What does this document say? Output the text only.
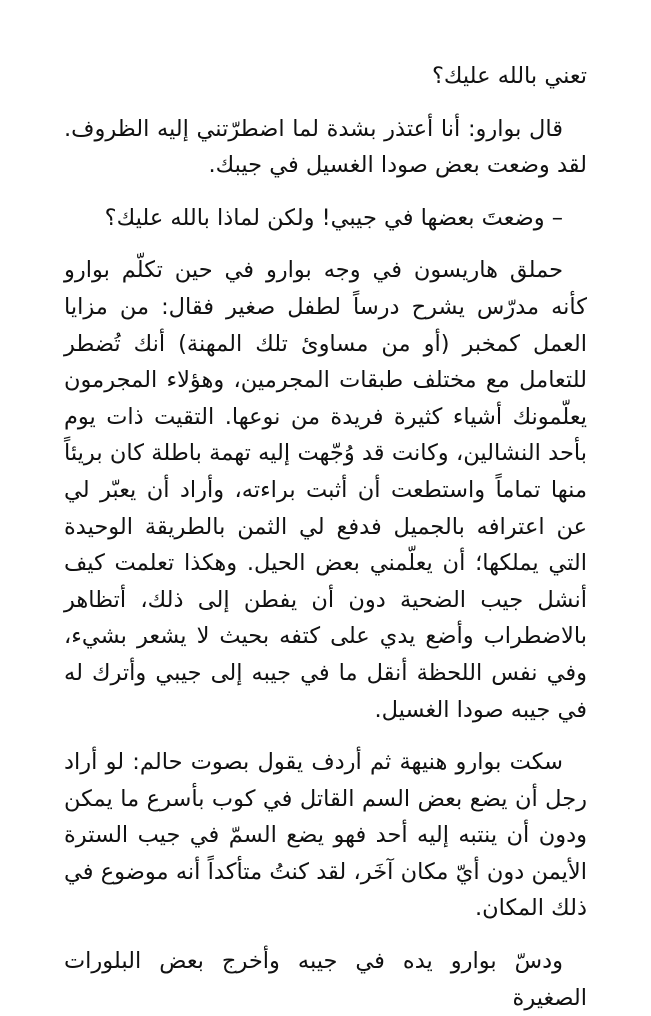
تعني بالله عليك؟

قال بوارو: أنا أعتذر بشدة لما اضطرّتني إليه الظروف. لقد وضعت بعض صودا الغسيل في جيبك.

– وضعتَ بعضها في جيبي! ولكن لماذا بالله عليك؟

حملق هاريسون في وجه بوارو في حين تكلّم بوارو كأنه مدرّس يشرح درساً لطفل صغير فقال: من مزايا العمل كمخبر (أو من مساوئ تلك المهنة) أنك تُضطر للتعامل مع مختلف طبقات المجرمين، وهؤلاء المجرمون يعلّمونك أشياء كثيرة فريدة من نوعها. التقيت ذات يوم بأحد النشالين، وكانت قد وُجّهت إليه تهمة باطلة كان بريئاً منها تماماً واستطعت أن أثبت براءته، وأراد أن يعبّر لي عن اعترافه بالجميل فدفع لي الثمن بالطريقة الوحيدة التي يملكها؛ أن يعلّمني بعض الحيل. وهكذا تعلمت كيف أنشل جيب الضحية دون أن يفطن إلى ذلك، أتظاهر بالاضطراب وأضع يدي على كتفه بحيث لا يشعر بشيء، وفي نفس اللحظة أنقل ما في جيبه إلى جيبي وأترك له في جيبه صودا الغسيل.

سكت بوارو هنيهة ثم أردف يقول بصوت حالم: لو أراد رجل أن يضع بعض السم القاتل في كوب بأسرع ما يمكن ودون أن ينتبه إليه أحد فهو يضع السمّ في جيب السترة الأيمن دون أيّ مكان آخَر، لقد كنتُ متأكداً أنه موضوع في ذلك المكان.

ودسّ بوارو يده في جيبه وأخرج بعض البلورات الصغيرة
